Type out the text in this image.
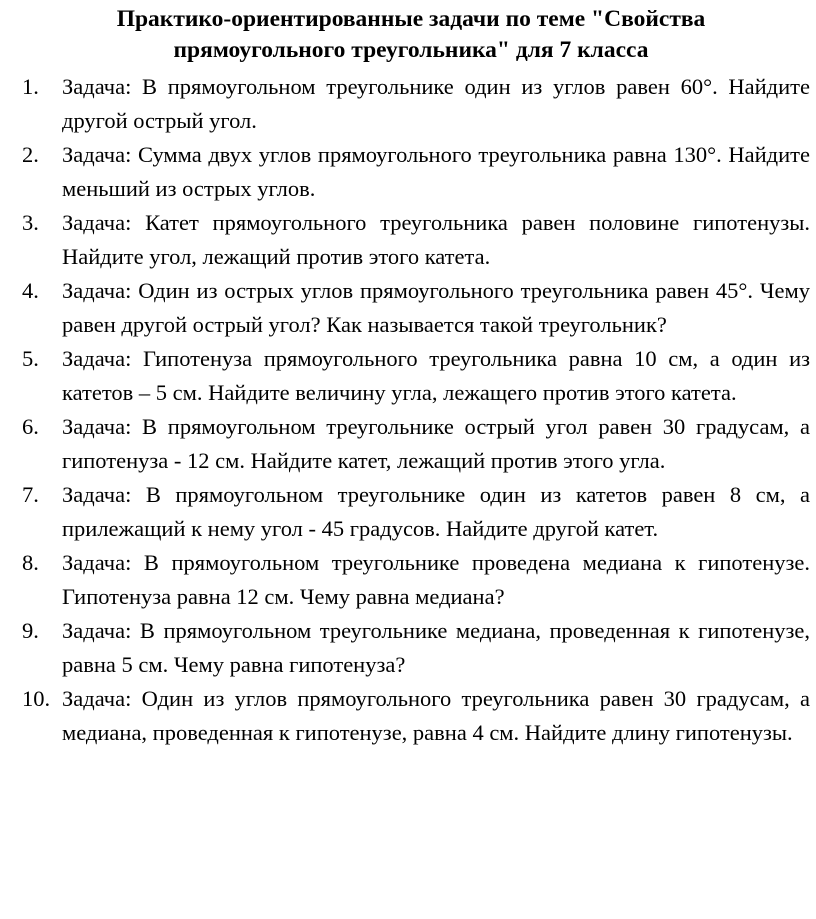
Практико-ориентированные задачи по теме "Свойства
прямоугольного треугольника" для 7 класса
1.	Задача: В прямоугольном треугольнике один из углов равен 60°. Найдите другой острый угол.
2.	Задача: Сумма двух углов прямоугольного треугольника равна 130°. Найдите меньший из острых углов.
3.	Задача: Катет прямоугольного треугольника равен половине гипотенузы. Найдите угол, лежащий против этого катета.
4.	Задача: Один из острых углов прямоугольного треугольника равен 45°. Чему равен другой острый угол? Как называется такой треугольник?
5.	Задача: Гипотенуза прямоугольного треугольника равна 10 см, а один из катетов – 5 см. Найдите величину угла, лежащего против этого катета.
6.	Задача: В прямоугольном треугольнике острый угол равен 30 градусам, а гипотенуза - 12 см. Найдите катет, лежащий против этого угла.
7.	Задача: В прямоугольном треугольнике один из катетов равен 8 см, а прилежащий к нему угол - 45 градусов. Найдите другой катет.
8.	Задача: В прямоугольном треугольнике проведена медиана к гипотенузе. Гипотенуза равна 12 см. Чему равна медиана?
9.	Задача: В прямоугольном треугольнике медиана, проведенная к гипотенузе, равна 5 см. Чему равна гипотенуза?
10. Задача: Один из углов прямоугольного треугольника равен 30 градусам, а медиана, проведенная к гипотенузе, равна 4 см. Найдите длину гипотенузы.
